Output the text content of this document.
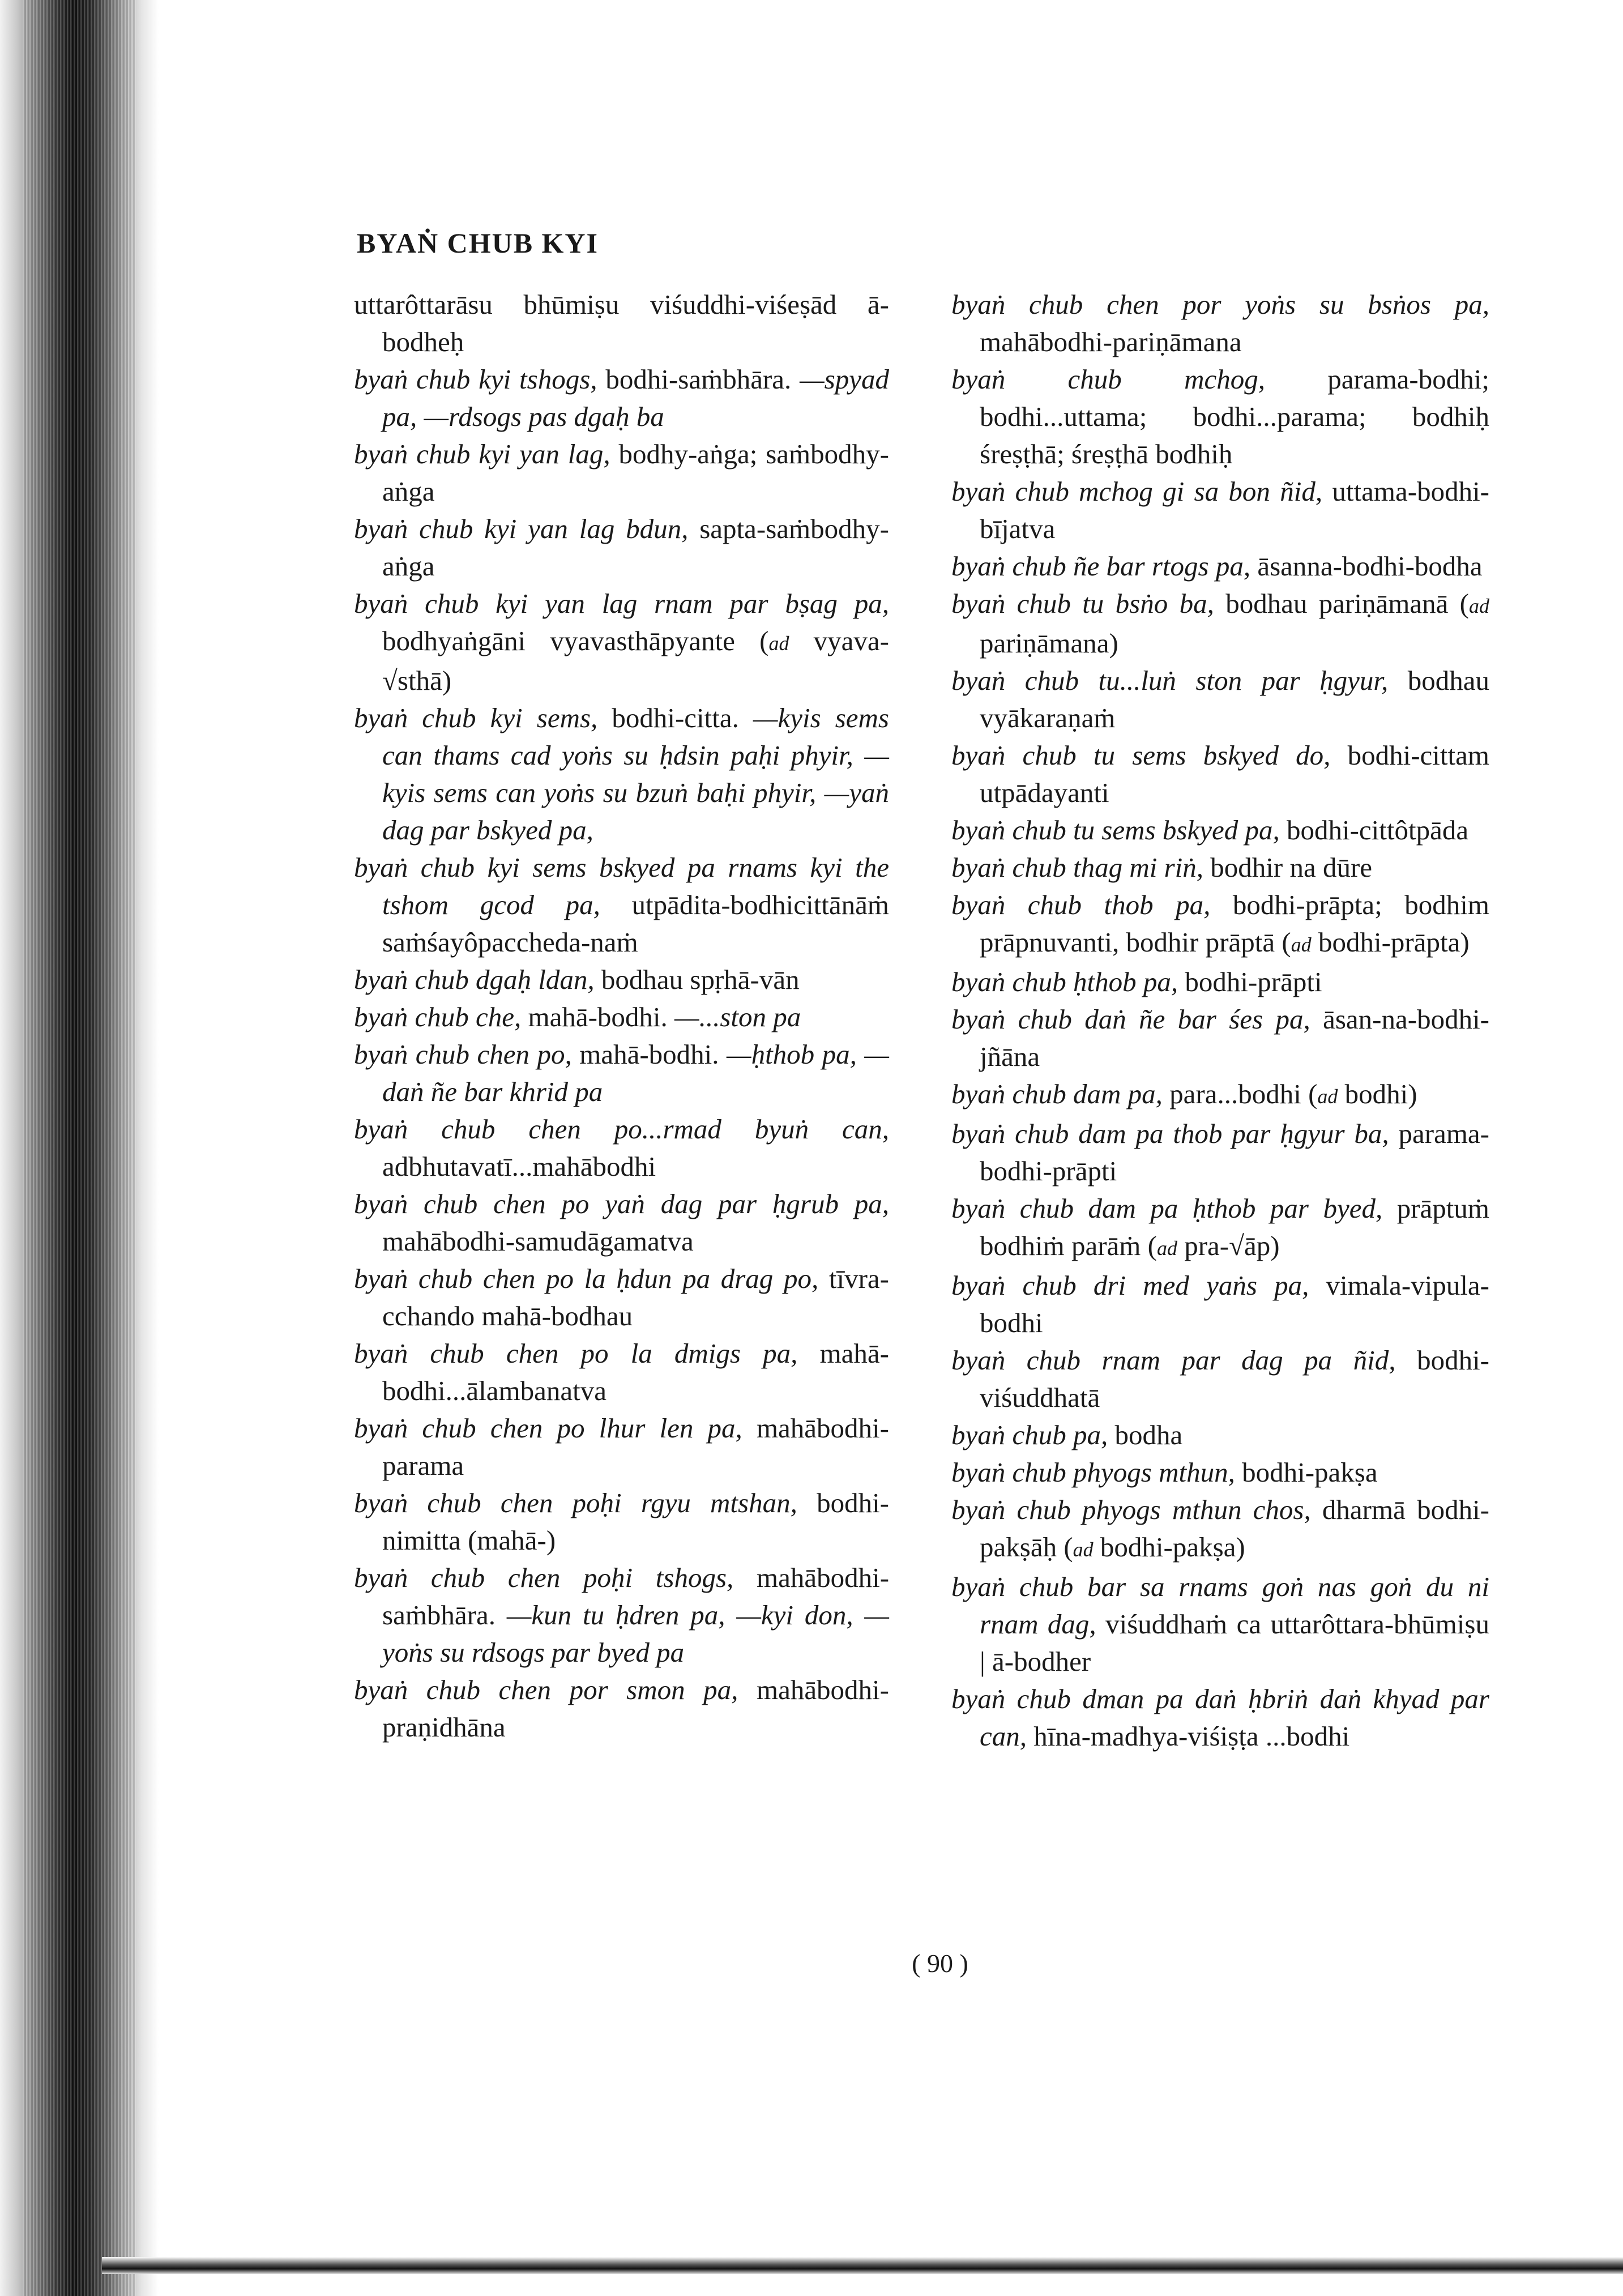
BYAṄ CHUB KYI
uttarôttarāsu bhūmiṣu viśuddhi-viśeṣād ā-bodheḥ
byaṅ chub kyi tshogs, bodhi-saṁbhāra. —spyad pa, —rdsogs pas dgaḥ ba
byaṅ chub kyi yan lag, bodhy-aṅga; saṁbodhy-aṅga
byaṅ chub kyi yan lag bdun, sapta-saṁbodhy-aṅga
byaṅ chub kyi yan lag rnam par bṣag pa, bodhyaṅgāni vyavasthāpyante (ad vyava-√sthā)
byaṅ chub kyi sems, bodhi-citta. —kyis sems can thams cad yoṅs su ḥdsin paḥi phyir, —kyis sems can yoṅs su bzuṅ baḥi phyir, —yaṅ dag par bskyed pa,
byaṅ chub kyi sems bskyed pa rnams kyi the tshom gcod pa, utpādita-bodhicittānāṁ saṁśayôpaccheda-naṁ
byaṅ chub dgaḥ ldan, bodhau spṛhā-vān
byaṅ chub che, mahā-bodhi. —...ston pa
byaṅ chub chen po, mahā-bodhi. —ḥthob pa, —daṅ ñe bar khrid pa
byaṅ chub chen po...rmad byuṅ can, adbhutavatī...mahābodhi
byaṅ chub chen po yaṅ dag par ḥgrub pa, mahābodhi-samudāgamatva
byaṅ chub chen po la ḥdun pa drag po, tīvra-cchando mahā-bodhau
byaṅ chub chen po la dmigs pa, mahā-bodhi...ālambanatva
byaṅ chub chen po lhur len pa, mahābodhi-parama
byaṅ chub chen poḥi rgyu mtshan, bodhi-nimitta (mahā-)
byaṅ chub chen poḥi tshogs, mahābodhi-saṁbhāra. —kun tu ḥdren pa, —kyi don, —yoṅs su rdsogs par byed pa
byaṅ chub chen por smon pa, mahābodhi-praṇidhāna
byaṅ chub chen por yoṅs su bsṅos pa, mahābodhi-pariṇāmana
byaṅ chub mchog, parama-bodhi; bodhi...uttama; bodhi...parama; bodhiḥ śreṣṭhā; śreṣṭhā bodhiḥ
byaṅ chub mchog gi sa bon ñid, uttama-bodhi-bījatva
byaṅ chub ñe bar rtogs pa, āsanna-bodhi-bodha
byaṅ chub tu bsṅo ba, bodhau pariṇāmanā (ad pariṇāmana)
byaṅ chub tu...luṅ ston par ḥgyur, bodhau vyākaraṇaṁ
byaṅ chub tu sems bskyed do, bodhi-cittam utpādayanti
byaṅ chub tu sems bskyed pa, bodhi-cittôtpāda
byaṅ chub thag mi riṅ, bodhir na dūre
byaṅ chub thob pa, bodhi-prāpta; bodhim prāpnuvanti, bodhir prāptā (ad bodhi-prāpta)
byaṅ chub ḥthob pa, bodhi-prāpti
byaṅ chub daṅ ñe bar śes pa, āsan-na-bodhi-jñāna
byaṅ chub dam pa, para...bodhi (ad bodhi)
byaṅ chub dam pa thob par ḥgyur ba, parama-bodhi-prāpti
byaṅ chub dam pa ḥthob par byed, prāptuṁ bodhiṁ parāṁ (ad pra-√āp)
byaṅ chub dri med yaṅs pa, vimala-vipula-bodhi
byaṅ chub rnam par dag pa ñid, bodhi-viśuddhatā
byaṅ chub pa, bodha
byaṅ chub phyogs mthun, bodhi-pakṣa
byaṅ chub phyogs mthun chos, dharmā bodhi-pakṣāḥ (ad bodhi-pakṣa)
byaṅ chub bar sa rnams goṅ nas goṅ du ni rnam dag, viśuddhaṁ ca uttarôttara-bhūmiṣu | ā-bodher
byaṅ chub dman pa daṅ ḥbriṅ daṅ khyad par can, hīna-madhya-viśiṣṭa ...bodhi
( 90 )
